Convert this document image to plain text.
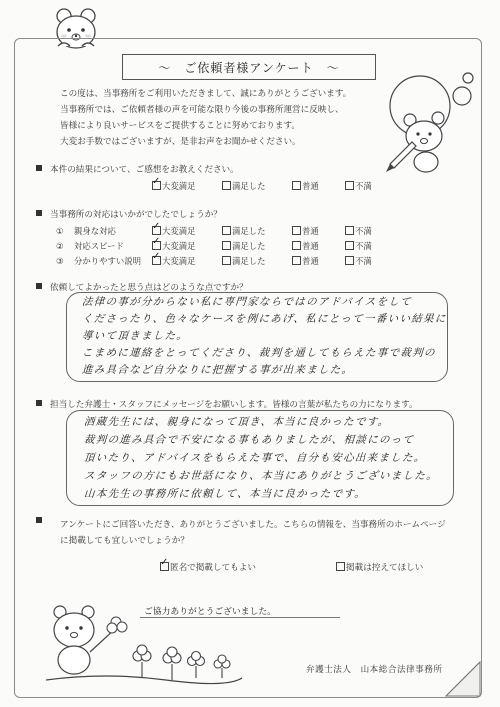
～　ご依頼者様アンケート　～
この度は、当事務所をご利用いただきまして、誠にありがとうございます。
当事務所では、ご依頼者様の声を可能な限り今後の事務所運営に反映し、
皆様により良いサービスをご提供することに努めております。
大変お手数ではございますが、是非お声をお聞かせください。
本件の結果について、ご感想をお教えください。
✓大変満足	満足した	普通	不満
当事務所の対応はいかがでしたでしょうか？
① 親身な対応 ✓	大変満足	満足した	普通	不満
② 対応スピード ✓	大変満足	満足した	普通	不満
③ 分かりやすい説明 ✓	大変満足	満足した	普通	不満
依頼してよかったと思う点はどのような点ですか？
法律の事が分からない私に専門家ならではのアドバイスをして
くださったり、色々なケースを例にあげ、私にとって一番いい結果に
導いて頂きました。
こまめに連絡をとってくださり、裁判を通してもらえた事で裁判の
進み具合など自分なりに把握する事が出来ました。
担当した弁護士・スタッフにメッセージをお願いします。皆様の言葉が私たちの力になります。
酒蔵先生には、親身になって頂き、本当に良かったです。
裁判の進み具合で不安になる事もありましたが、相談にのって
頂いたり、アドバイスをもらえた事で、自分も安心出来ました。
スタッフの方にもお世話になり、本当にありがとうございました。
山本先生の事務所に依頼して、本当に良かったです。
アンケートにご回答いただき、ありがとうございました。こちらの情報を、当事務所のホームページ
に掲載しても宜しいでしょうか？
✓匿名で掲載してもよい	掲載は控えてほしい
ご協力ありがとうございました。
弁護士法人　山本総合法律事務所
